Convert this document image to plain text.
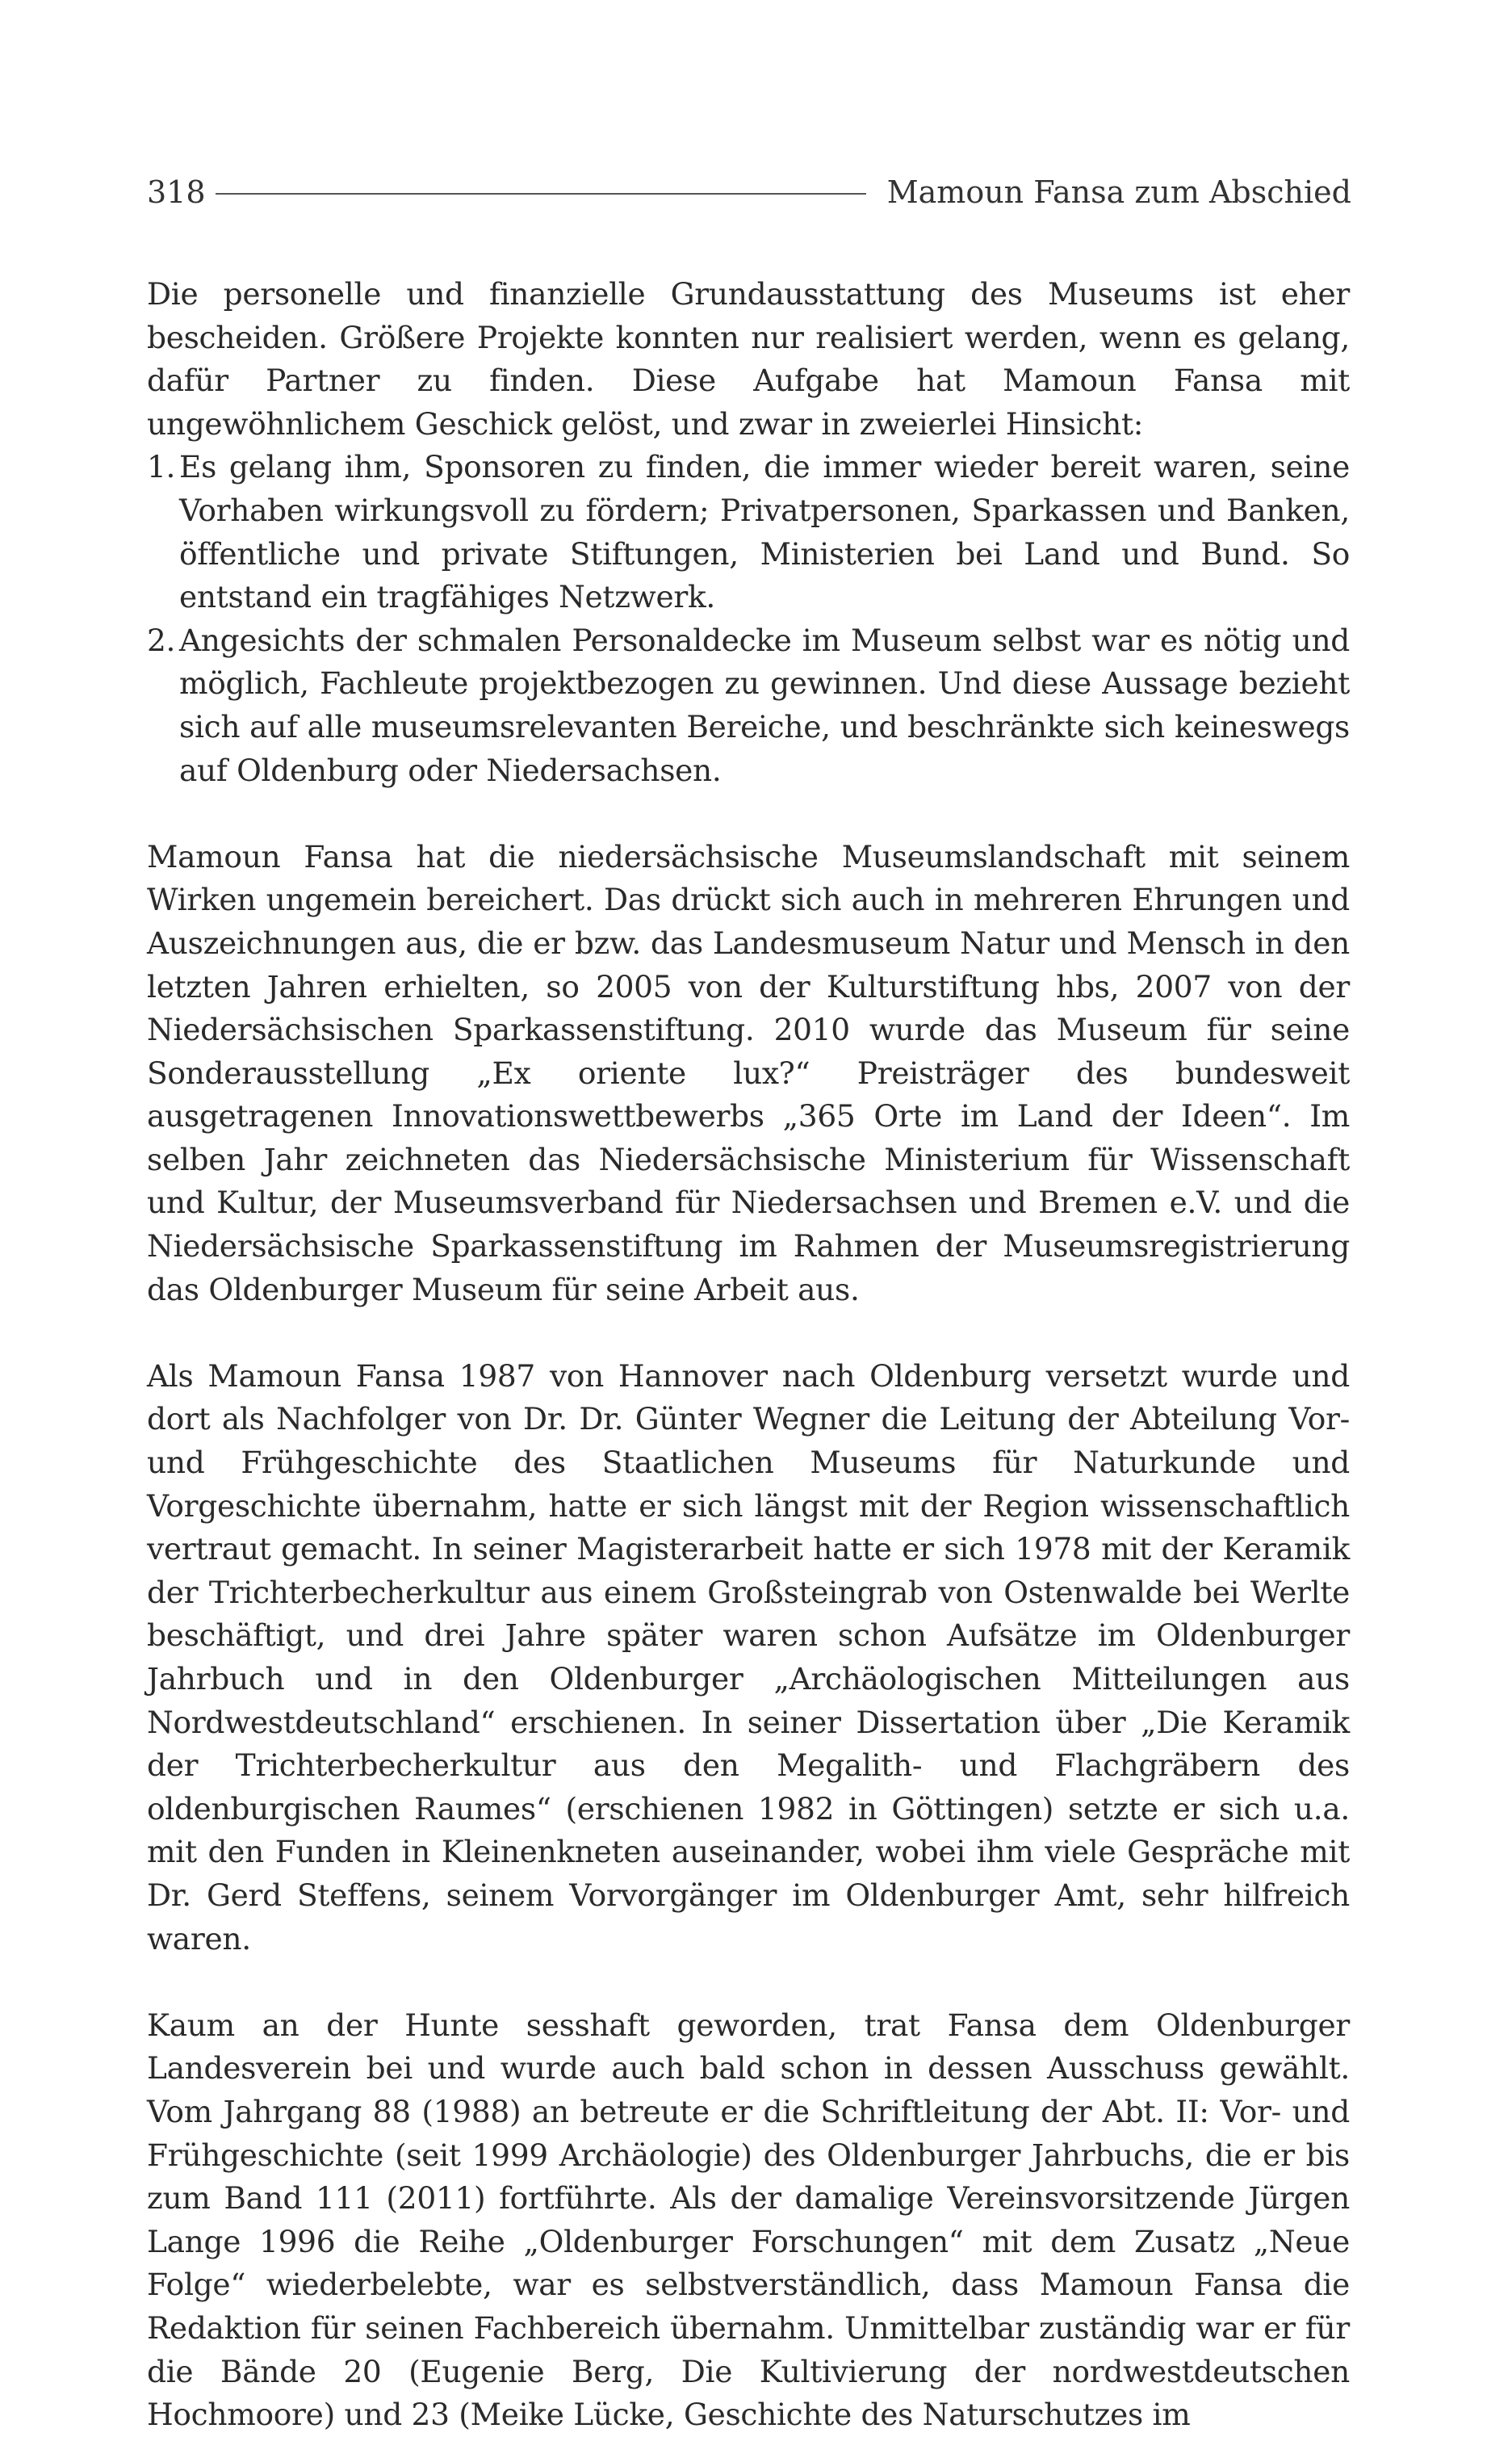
318	Mamoun Fansa zum Abschied

Die personelle und finanzielle Grundausstattung des Museums ist eher bescheiden. Größere Projekte konnten nur realisiert werden, wenn es gelang, dafür Partner zu finden. Diese Aufgabe hat Mamoun Fansa mit ungewöhnlichem Geschick gelöst, und zwar in zweierlei Hinsicht:

1. Es gelang ihm, Sponsoren zu finden, die immer wieder bereit waren, seine Vorhaben wirkungsvoll zu fördern; Privatpersonen, Sparkassen und Banken, öffentliche und private Stiftungen, Ministerien bei Land und Bund. So entstand ein tragfähiges Netzwerk.
2. Angesichts der schmalen Personaldecke im Museum selbst war es nötig und möglich, Fachleute projektbezogen zu gewinnen. Und diese Aussage bezieht sich auf alle museumsrelevanten Bereiche, und beschränkte sich keineswegs auf Oldenburg oder Niedersachsen.

Mamoun Fansa hat die niedersächsische Museumslandschaft mit seinem Wirken ungemein bereichert. Das drückt sich auch in mehreren Ehrungen und Auszeichnungen aus, die er bzw. das Landesmuseum Natur und Mensch in den letzten Jahren erhielten, so 2005 von der Kulturstiftung hbs, 2007 von der Niedersächsischen Sparkassenstiftung. 2010 wurde das Museum für seine Sonderausstellung „Ex oriente lux?“ Preisträger des bundesweit ausgetragenen Innovationswettbewerbs „365 Orte im Land der Ideen“. Im selben Jahr zeichneten das Niedersächsische Ministerium für Wissenschaft und Kultur, der Museumsverband für Niedersachsen und Bremen e.V. und die Niedersächsische Sparkassenstiftung im Rahmen der Museumsregistrierung das Oldenburger Museum für seine Arbeit aus.

Als Mamoun Fansa 1987 von Hannover nach Oldenburg versetzt wurde und dort als Nachfolger von Dr. Dr. Günter Wegner die Leitung der Abteilung Vor- und Frühgeschichte des Staatlichen Museums für Naturkunde und Vorgeschichte übernahm, hatte er sich längst mit der Region wissenschaftlich vertraut gemacht. In seiner Magisterarbeit hatte er sich 1978 mit der Keramik der Trichterbecherkultur aus einem Großsteingrab von Ostenwalde bei Werlte beschäftigt, und drei Jahre später waren schon Aufsätze im Oldenburger Jahrbuch und in den Oldenburger „Archäologischen Mitteilungen aus Nordwestdeutschland“ erschienen. In seiner Dissertation über „Die Keramik der Trichterbecherkultur aus den Megalith- und Flachgräbern des oldenburgischen Raumes“ (erschienen 1982 in Göttingen) setzte er sich u.a. mit den Funden in Kleinenkneten auseinander, wobei ihm viele Gespräche mit Dr. Gerd Steffens, seinem Vorvorgänger im Oldenburger Amt, sehr hilfreich waren.

Kaum an der Hunte sesshaft geworden, trat Fansa dem Oldenburger Landesverein bei und wurde auch bald schon in dessen Ausschuss gewählt. Vom Jahrgang 88 (1988) an betreute er die Schriftleitung der Abt. II: Vor- und Frühgeschichte (seit 1999 Archäologie) des Oldenburger Jahrbuchs, die er bis zum Band 111 (2011) fortführte. Als der damalige Vereinsvorsitzende Jürgen Lange 1996 die Reihe „Oldenburger Forschungen“ mit dem Zusatz „Neue Folge“ wiederbelebte, war es selbstverständlich, dass Mamoun Fansa die Redaktion für seinen Fachbereich übernahm. Unmittelbar zuständig war er für die Bände 20 (Eugenie Berg, Die Kultivierung der nordwestdeutschen Hochmoore) und 23 (Meike Lücke, Geschichte des Naturschutzes im
